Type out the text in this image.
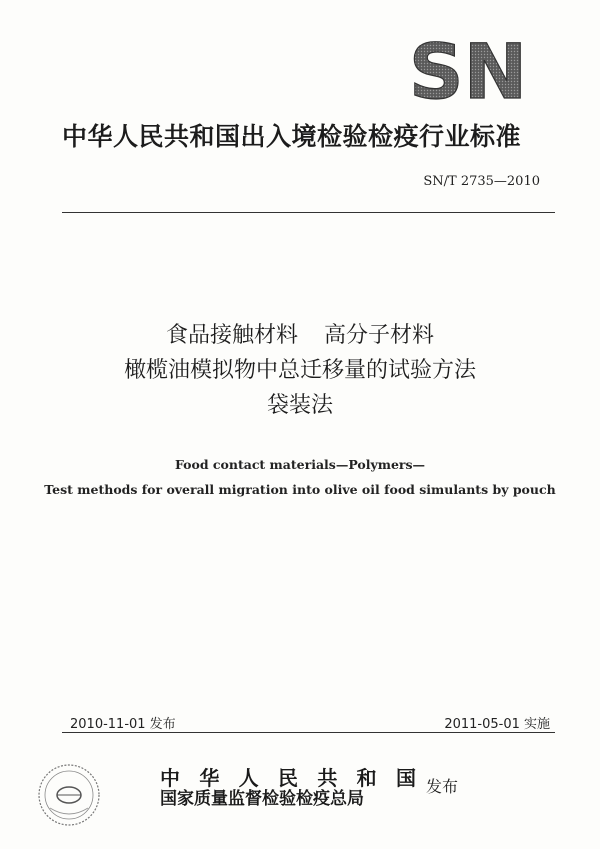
SN
中华人民共和国出入境检验检疫行业标准
SN/T 2735—2010
食品接触材料 高分子材料
橄榄油模拟物中总迁移量的试验方法
袋装法
Food contact materials—Polymers—
Test methods for overall migration into olive oil food simulants by pouch
2010-11-01 发布	2011-05-01 实施
中华人民共和国
国家质量监督检验检疫总局
发布
